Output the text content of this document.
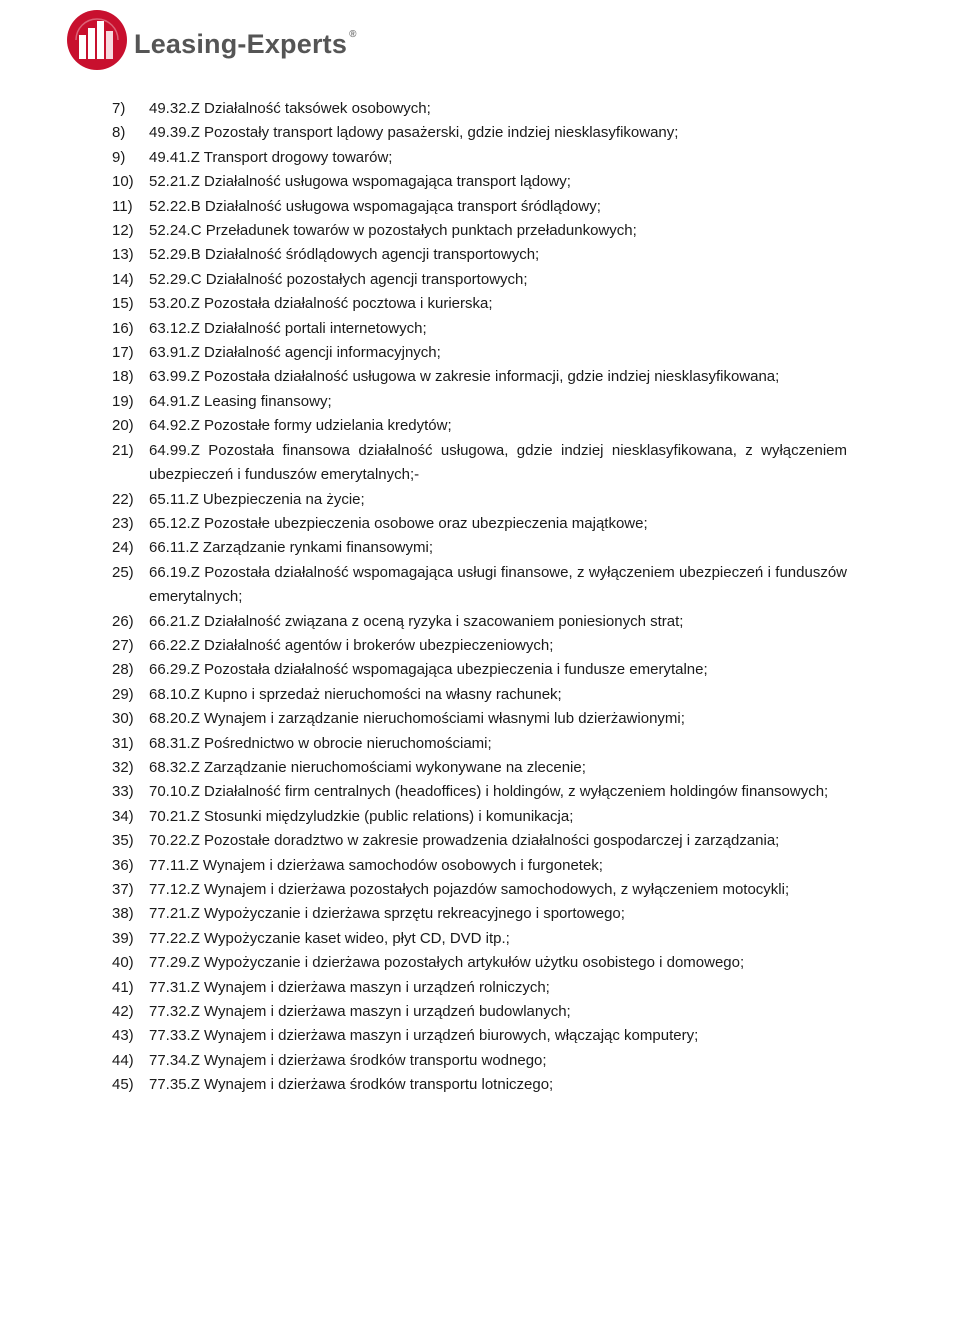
Leasing-Experts ®
7)	49.32.Z Działalność taksówek osobowych;
8)	49.39.Z Pozostały transport lądowy pasażerski, gdzie indziej niesklasyfikowany;
9)	49.41.Z Transport drogowy towarów;
10)	52.21.Z Działalność usługowa wspomagająca transport lądowy;
11)	52.22.B Działalność usługowa wspomagająca transport śródlądowy;
12)	52.24.C Przeładunek towarów w pozostałych punktach przeładunkowych;
13)	52.29.B Działalność śródlądowych agencji transportowych;
14)	52.29.C Działalność pozostałych agencji transportowych;
15)	53.20.Z Pozostała działalność pocztowa i kurierska;
16)	63.12.Z Działalność portali internetowych;
17)	63.91.Z Działalność agencji informacyjnych;
18)	63.99.Z Pozostała działalność usługowa w zakresie informacji, gdzie indziej niesklasyfikowana;
19)	64.91.Z Leasing finansowy;
20)	64.92.Z Pozostałe formy udzielania kredytów;
21)	64.99.Z Pozostała finansowa działalność usługowa, gdzie indziej niesklasyfikowana, z wyłączeniem ubezpieczeń i funduszów emerytalnych;-
22)	65.11.Z Ubezpieczenia na życie;
23)	65.12.Z Pozostałe ubezpieczenia osobowe oraz ubezpieczenia majątkowe;
24)	66.11.Z Zarządzanie rynkami finansowymi;
25)	66.19.Z Pozostała działalność wspomagająca usługi finansowe, z wyłączeniem ubezpieczeń i funduszów emerytalnych;
26)	66.21.Z Działalność związana z oceną ryzyka i szacowaniem poniesionych strat;
27)	66.22.Z Działalność agentów i brokerów ubezpieczeniowych;
28)	66.29.Z Pozostała działalność wspomagająca ubezpieczenia i fundusze emerytalne;
29)	68.10.Z Kupno i sprzedaż nieruchomości na własny rachunek;
30)	68.20.Z Wynajem i zarządzanie nieruchomościami własnymi lub dzierżawionymi;
31)	68.31.Z Pośrednictwo w obrocie nieruchomościami;
32)	68.32.Z Zarządzanie nieruchomościami wykonywane na zlecenie;
33)	70.10.Z Działalność firm centralnych (headoffices) i holdingów, z wyłączeniem holdingów finansowych;
34)	70.21.Z Stosunki międzyludzkie (public relations) i komunikacja;
35)	70.22.Z Pozostałe doradztwo w zakresie prowadzenia działalności gospodarczej i zarządzania;
36)	77.11.Z Wynajem i dzierżawa samochodów osobowych i furgonetek;
37)	77.12.Z Wynajem i dzierżawa pozostałych pojazdów samochodowych, z wyłączeniem motocykli;
38)	77.21.Z Wypożyczanie i dzierżawa sprzętu rekreacyjnego i sportowego;
39)	77.22.Z Wypożyczanie kaset wideo, płyt CD, DVD itp.;
40)	77.29.Z Wypożyczanie i dzierżawa pozostałych artykułów użytku osobistego i domowego;
41)	77.31.Z Wynajem i dzierżawa maszyn i urządzeń rolniczych;
42)	77.32.Z Wynajem i dzierżawa maszyn i urządzeń budowlanych;
43)	77.33.Z Wynajem i dzierżawa maszyn i urządzeń biurowych, włączając komputery;
44)	77.34.Z Wynajem i dzierżawa środków transportu wodnego;
45)	77.35.Z Wynajem i dzierżawa środków transportu lotniczego;
